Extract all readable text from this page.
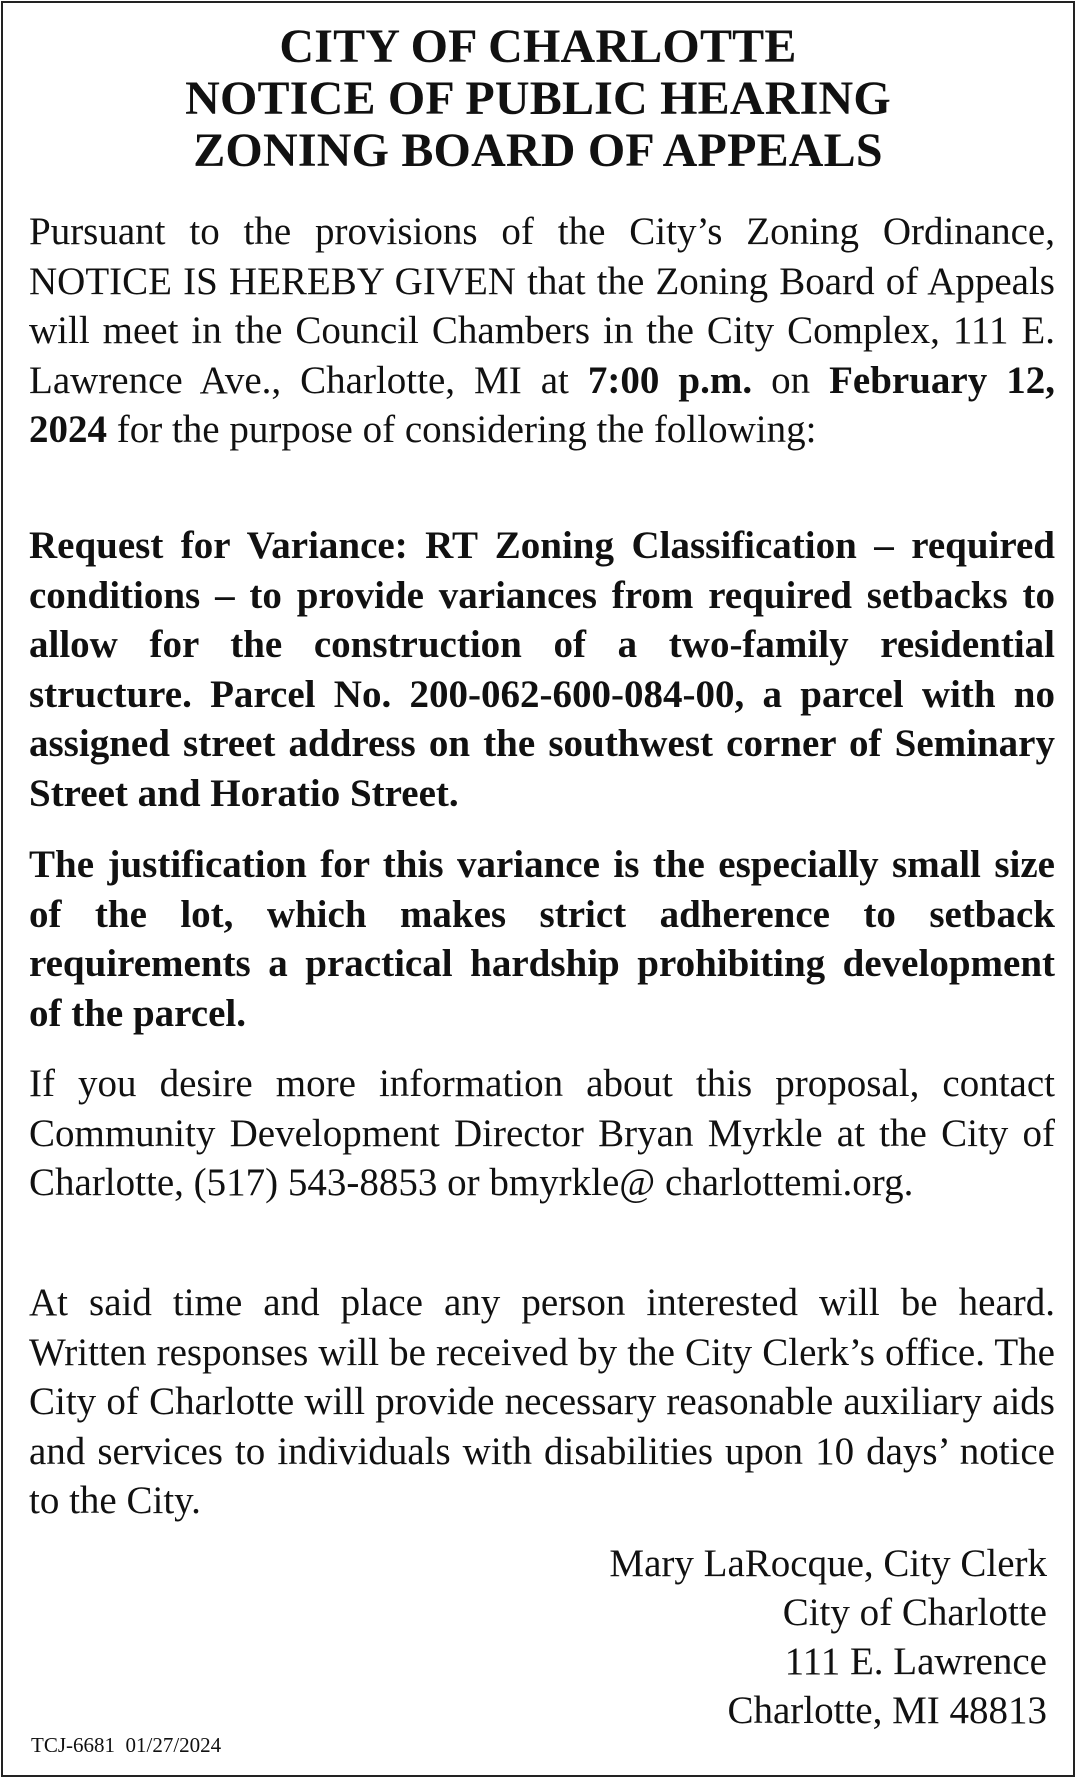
CITY OF CHARLOTTE
NOTICE OF PUBLIC HEARING
ZONING BOARD OF APPEALS
Pursuant to the provisions of the City’s Zoning Ordinance, NOTICE IS HEREBY GIVEN that the Zoning Board of Appeals will meet in the Council Chambers in the City Complex, 111 E. Lawrence Ave., Charlotte, MI at 7:00 p.m. on February 12, 2024 for the purpose of considering the following:
Request for Variance: RT Zoning Classification – required conditions – to provide variances from required setbacks to allow for the construction of a two-family residential structure. Parcel No. 200-062-600-084-00, a parcel with no assigned street address on the southwest corner of Seminary Street and Horatio Street.
The justification for this variance is the especially small size of the lot, which makes strict adherence to setback requirements a practical hardship prohibiting development of the parcel.
If you desire more information about this proposal, contact Community Development Director Bryan Myrkle at the City of Charlotte, (517) 543-8853 or bmyrkle@ charlottemi.org.
At said time and place any person interested will be heard. Written responses will be received by the City Clerk’s office. The City of Charlotte will provide necessary reasonable auxiliary aids and services to individuals with disabilities upon 10 days’ notice to the City.
Mary LaRocque, City Clerk
City of Charlotte
111 E. Lawrence
Charlotte, MI 48813
TCJ-6681  01/27/2024
